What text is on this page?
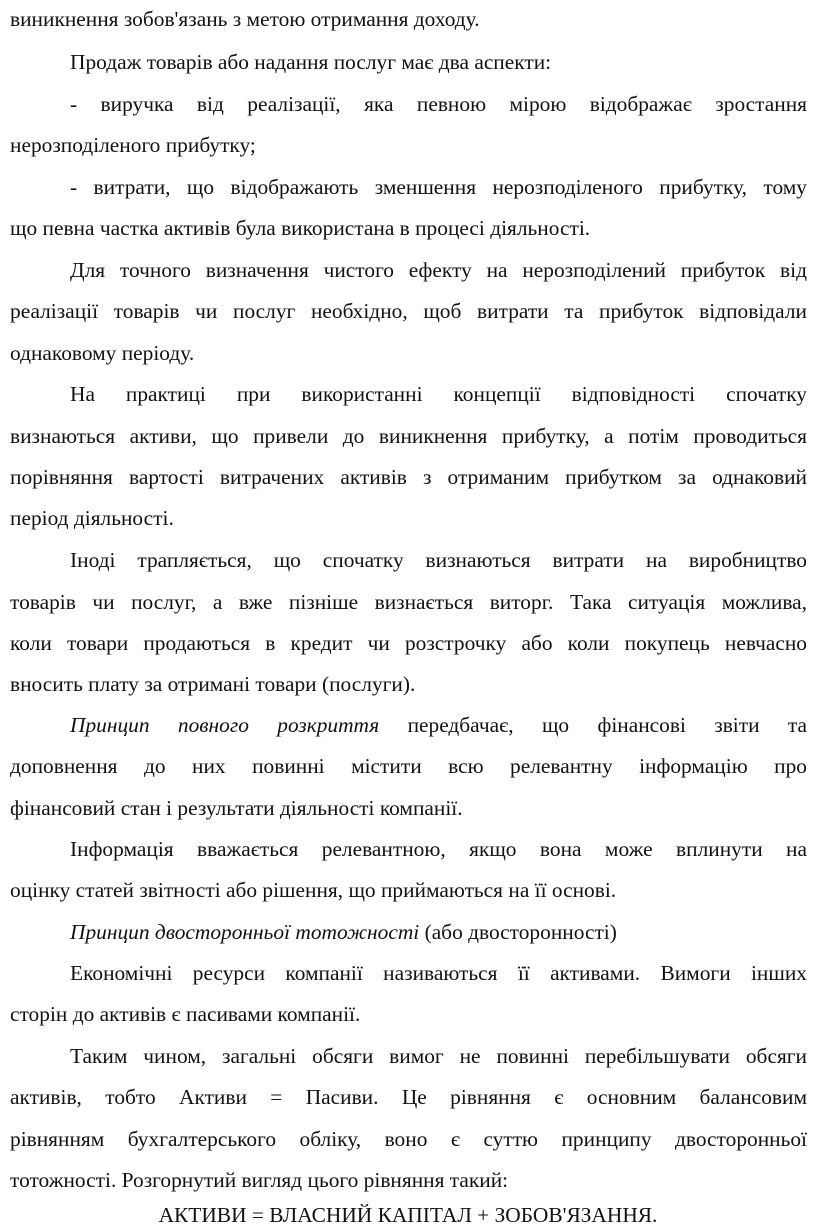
виникнення зобов'язань з метою отримання доходу.
Продаж товарів або надання послуг має два аспекти:
- виручка від реалізації, яка певною мірою відображає зростання
нерозподіленого прибутку;
- витрати, що відображають зменшення нерозподіленого прибутку, тому
що певна частка активів була використана в процесі діяльності.
Для точного визначення чистого ефекту на нерозподілений прибуток від
реалізації товарів чи послуг необхідно, щоб витрати та прибуток відповідали
однаковому періоду.
На практиці при використанні концепції відповідності спочатку
визнаються активи, що привели до виникнення прибутку, а потім проводиться
порівняння вартості витрачених активів з отриманим прибутком за однаковий
період діяльності.
Іноді трапляється, що спочатку визнаються витрати на виробництво
товарів чи послуг, а вже пізніше визнається виторг. Така ситуація можлива,
коли товари продаються в кредит чи розстрочку або коли покупець невчасно
вносить плату за отримані товари (послуги).
Принцип повного розкриття передбачає, що фінансові звіти та
доповнення до них повинні містити всю релевантну інформацію про
фінансовий стан і результати діяльності компанії.
Інформація вважається релевантною, якщо вона може вплинути на
оцінку статей звітності або рішення, що приймаються на її основі.
Принцип двосторонньої тотожності (або двосторонності)
Економічні ресурси компанії називаються її активами. Вимоги інших
сторін до активів є пасивами компанії.
Таким чином, загальні обсяги вимог не повинні перебільшувати обсяги
активів, тобто Активи = Пасиви. Це рівняння є основним балансовим
рівнянням бухгалтерського обліку, воно є суттю принципу двосторонньої
тотожності. Розгорнутий вигляд цього рівняння такий:
АКТИВИ = ВЛАСНИЙ КАПІТАЛ + ЗОБОВ'ЯЗАННЯ.
